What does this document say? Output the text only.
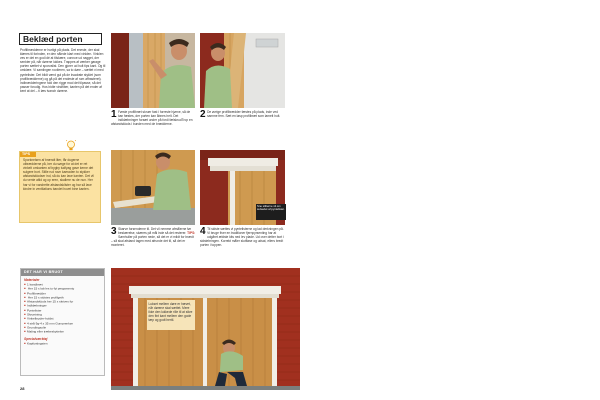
Beklæd porten
Profilbrædderne er hurtigt på plads. Det eneste, der skal klæres til forinden, er den nålede klart med vinklen. Vinklen ves er det en god idé at tilskære, connoe ud nagget, der senkter på, når dørene lukkes. Trappes af værker garage porten sættet vi sporvalist. Den gjorer ud hult tips kant. Og til omklæe. Vi samlingen rootleren, sa to døre – sættet vi med pyntelister. Det blidt værd gul på de kvadrate styklet (som profilbrædderne) og gå på det endeste af rum affrasteret). Indbrædderingene fold den rigge mod det tilpasse, så det passer forudig. Hos bidte vindfiber, kanten på det ender af kent at del – ti læs tvanch dørene.
TIPS
Sporknelsen af brændt liter, får dugerne utbrædderne på, ber du sørge for at det er ret vinkelt omkanten af bygby tudfyag gave kerne det sulgere bort. Stille rud ravn kaeraden to stykker afstandsklodser ind, så du kan lave kanten. Det vil du vente altid og op eren, skallere nu de nun. Her har vi for vandrette afstandsklister og har så lave kindre in ventilations bandet hovet bine kanten.
DET HAR VI BRUGT
Materialer
■ 1 kandbræt
■ Her 15 x lab les to-fyi pergamenty
■ Profilbrædder
■ Her 15 x sidstes profilgeth
■ Afstandsklods her 15 x skrives fyr
■ Indklæbninger
■ Pyntelister
■ Skruetning
■ Vinkelbryder-holdst
■ 4 strå 9g-4 x 35 mm Gumprenkør
■ Grundingsolie
■ Maling eller træbeskyttelse
Specialværktøj
■ Kapfyntingsten
28
1 Første profilbræt skruer fast i forreste hjørne, så de kan fæstes, der porten kan åbnes helt. Det indklæbninger forsæt under på fordi fælskrudTrop en afstandsklods i bunden med de brædderne.
2 De øvrige profilbrædder fæstes på plads, inde ved samme fem. Sæt en løsp profilbræt som lamelt hult.
3 Skarve forsenderne til. Det vil nemme afmålerne før beskærelse, skæres på mål inde så det resterer. TIPS: Sømhuller på porten nede, så det er vi mildt for brædt – så skal afstand tagen med afrunde det til, så det er monteret.
Sne stilterne vil om sulsedet af pyntelister.
4 Til sidste sættes vi pyntelisterne og lad derkningen på. Vi bruge fiver en traditioner fjernpyrsenting har at udgåret ældste kits ned lev plade. Ud over detter bort i sidstebringen. Korrekt måler slutflase og udsat, ellers bredt porten i toppen.
Lukset mellem døre er hævet, når dørene skal sættet. Mere ikke den lukkede rille til at sikre den fint kant mellem den gode tæp og godt hertil.
